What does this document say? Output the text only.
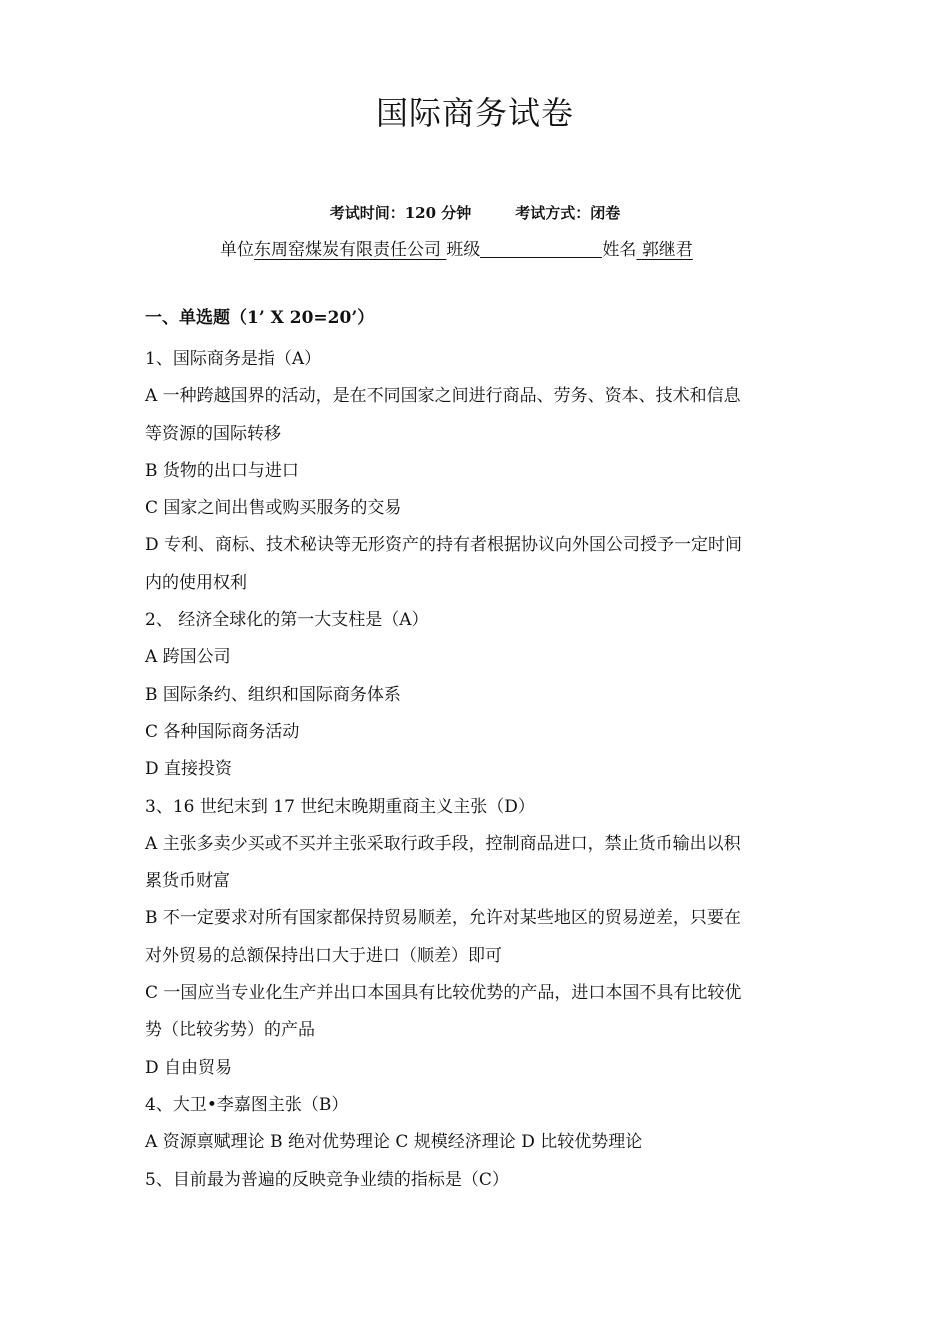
国际商务试卷
考试时间：120 分钟	考试方式：闭卷
单位东周窑煤炭有限责任公司 班级	姓名 郭继君
一、单选题（1’ X 20=20’）
1、国际商务是指（A）
A 一种跨越国界的活动，是在不同国家之间进行商品、劳务、资本、技术和信息
等资源的国际转移
B 货物的出口与进口
C 国家之间出售或购买服务的交易
D 专利、商标、技术秘诀等无形资产的持有者根据协议向外国公司授予一定时间
内的使用权利
2、 经济全球化的第一大支柱是（A）
A 跨国公司
B 国际条约、组织和国际商务体系
C 各种国际商务活动
D 直接投资
3、16 世纪末到 17 世纪末晚期重商主义主张（D）
A 主张多卖少买或不买并主张采取行政手段，控制商品进口，禁止货币输出以积
累货币财富
B 不一定要求对所有国家都保持贸易顺差，允许对某些地区的贸易逆差，只要在
对外贸易的总额保持出口大于进口（顺差）即可
C 一国应当专业化生产并出口本国具有比较优势的产品，进口本国不具有比较优
势（比较劣势）的产品
D 自由贸易
4、大卫•李嘉图主张（B）
A 资源禀赋理论 B 绝对优势理论 C 规模经济理论 D 比较优势理论
5、目前最为普遍的反映竞争业绩的指标是（C）
